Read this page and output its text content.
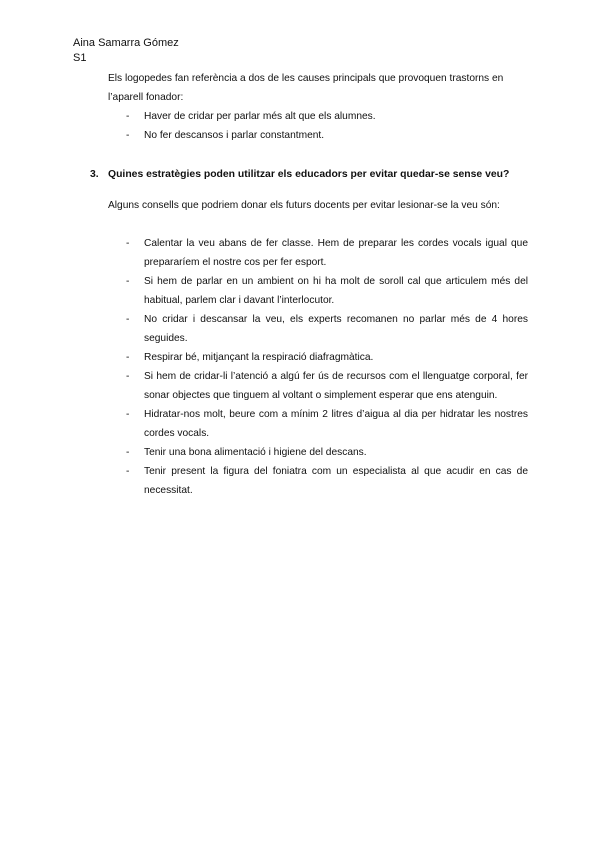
Aina Samarra Gómez
S1
Els logopedes fan referència a dos de les causes principals que provoquen trastorns en l’aparell fonador:
- Haver de cridar per parlar més alt que els alumnes.
- No fer descansos i parlar constantment.
3. Quines estratègies poden utilitzar els educadors per evitar quedar-se sense veu?
Alguns consells que podriem donar els futurs docents per evitar lesionar-se la veu són:
- Calentar la veu abans de fer classe. Hem de preparar les cordes vocals igual que prepararíem el nostre cos per fer esport.
- Si hem de parlar en un ambient on hi ha molt de soroll cal que articulem més del habitual, parlem clar i davant l’interlocutor.
- No cridar i descansar la veu, els experts recomanen no parlar més de 4 hores seguides.
- Respirar bé, mitjançant la respiració diafragmàtica.
- Si hem de cridar-li l’atenció a algú fer ús de recursos com el llenguatge corporal, fer sonar objectes que tinguem al voltant o simplement esperar que ens atenguin.
- Hidratar-nos molt, beure com a mínim 2 litres d’aigua al dia per hidratar les nostres cordes vocals.
- Tenir una bona alimentació i higiene del descans.
- Tenir present la figura del foniatra com un especialista al que acudir en cas de necessitat.
